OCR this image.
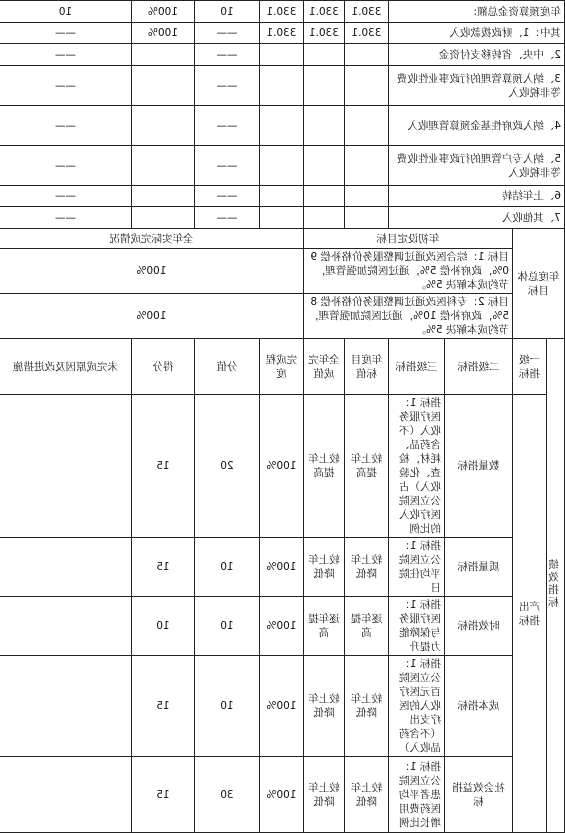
年度预算资金总额:				330.1	330.1	330.1	10	100%	10
其中：1、财政拨款收入				330.1	330.1	330.1	——	100%	——
2、中央、省转移支付资金							——		——
3、纳入预算管理的行政事业性收费等非税收入							——		——
4、纳入政府性基金预算管理收入							——		——
5、纳入专户管理的行政事业性收费等非税收入							——		——
6、上年结转							——		——
7、其他收入							——		——
年度总体目标		年初设定目标				全年实际完成情况			
		目标 1：综合医改通过调整服务价格补偿 90%，政府补偿 5%，通过医院加强管理，节约成本解决 5%。				100%			
		目标 2：专科医改通过调整服务价格补偿 85%，政府补偿 10%，通过医院加强管理，节约成本解决 5%。				100%			
绩效指标	一级指标	二级指标	三级指标	年度目标值	全年完成值	完成程度	分值	得分	未完成原因及改进措施
	产出指标	数量指标	指标 1：医疗服务收入（不含药品、耗材，检查、化验收入）占公立医院医疗收入的比例	较上年提高	较上年提高	100%	20	15	
		质量指标	指标 1：公立医院平均住院日	较上年降低	较上年降低	100%	10	15	
		时效指标	指标 1：医疗服务与保障能力提升	逐年提高	逐年提高	100%	10	10	
		成本指标	指标 1：公立医院百元医疗收入的医疗支出（不含药品收入）	较上年降低	较上年降低	100%	10	15	
		社会效益指标	指标 1：公立医院患者平均医药费用增长比例	较上年降低	较上年降低	100%	30	15	
